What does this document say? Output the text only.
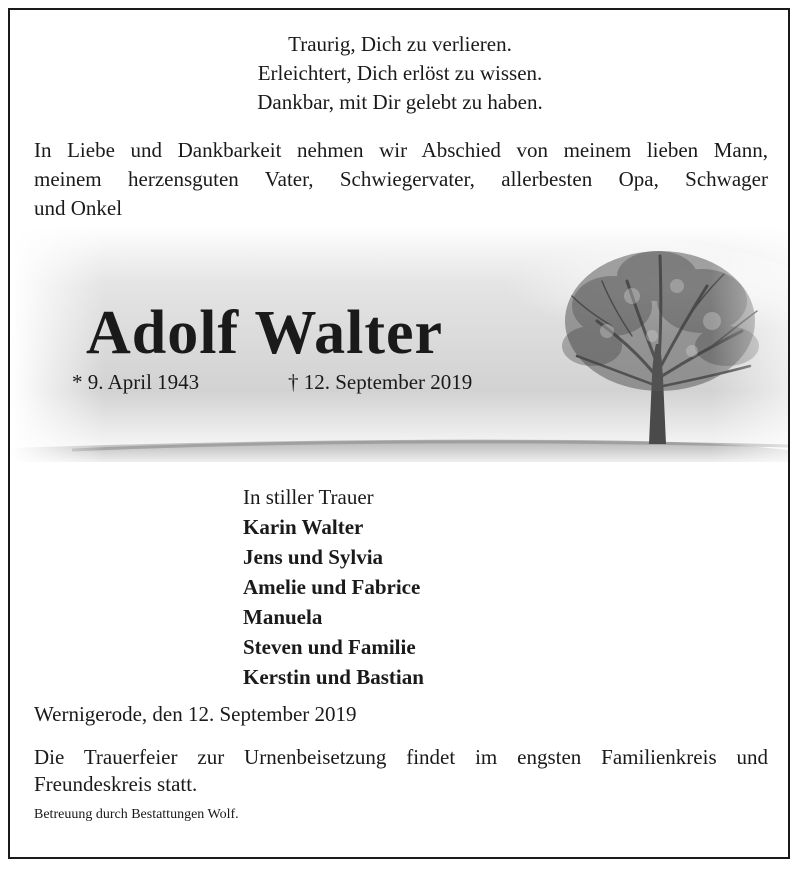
Traurig, Dich zu verlieren.
Erleichtert, Dich erlöst zu wissen.
Dankbar, mit Dir gelebt zu haben.
In Liebe und Dankbarkeit nehmen wir Abschied von meinem lieben Mann,
meinem herzensguten Vater, Schwiegervater, allerbesten Opa, Schwager
und Onkel
Adolf Walter
* 9. April 1943	† 12. September 2019
In stiller Trauer
Karin Walter
Jens und Sylvia
Amelie und Fabrice
Manuela
Steven und Familie
Kerstin und Bastian
Wernigerode, den 12. September 2019
Die Trauerfeier zur Urnenbeisetzung findet im engsten Familienkreis und
Freundeskreis statt.
Betreuung durch Bestattungen Wolf.
